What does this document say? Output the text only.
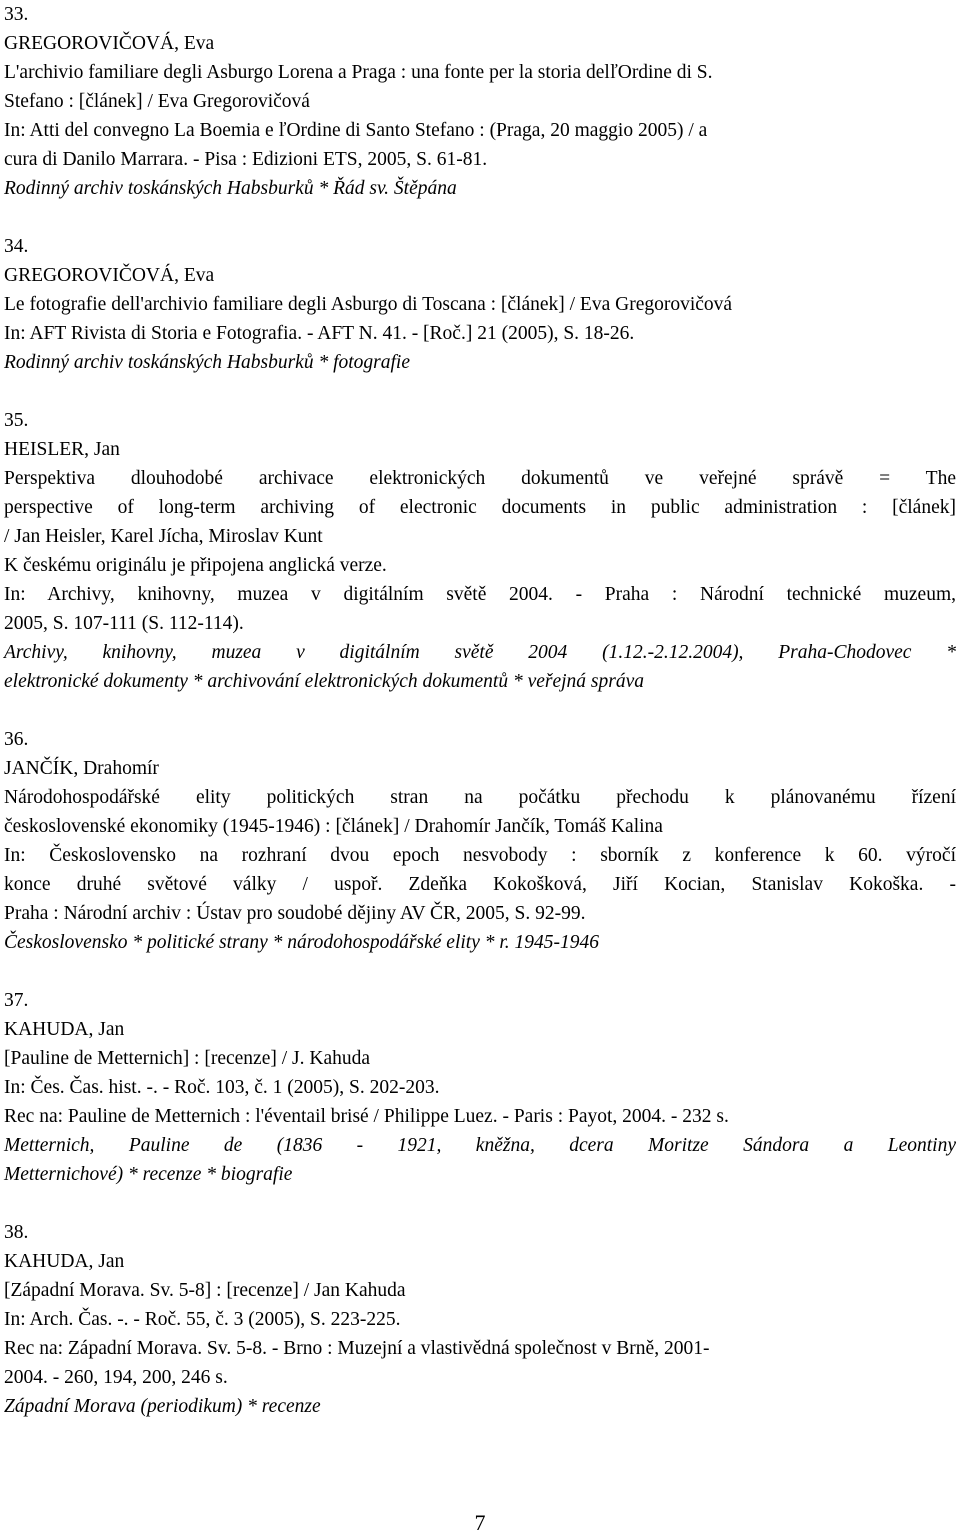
33.
GREGOROVIČOVÁ, Eva
L'archivio familiare degli Asburgo Lorena a Praga : una fonte per la storia delľOrdine di S.
Stefano : [článek] / Eva Gregorovičová
In: Atti del convegno La Boemia e ľOrdine di Santo Stefano : (Praga, 20 maggio 2005) / a
cura di Danilo Marrara. - Pisa : Edizioni ETS, 2005, S. 61-81.
Rodinný archiv toskánských Habsburků * Řád sv. Štěpána
34.
GREGOROVIČOVÁ, Eva
Le fotografie dell'archivio familiare degli Asburgo di Toscana : [článek] / Eva Gregorovičová
In: AFT Rivista di Storia e Fotografia. - AFT N. 41. - [Roč.] 21 (2005), S. 18-26.
Rodinný archiv toskánských Habsburků * fotografie
35.
HEISLER, Jan
Perspektiva dlouhodobé archivace elektronických dokumentů ve veřejné správě = The
perspective of long-term archiving of electronic documents in public administration : [článek]
/ Jan Heisler, Karel Jícha, Miroslav Kunt
K českému originálu je připojena anglická verze.
In: Archivy, knihovny, muzea v digitálním světě 2004. - Praha : Národní technické muzeum,
2005, S. 107-111 (S. 112-114).
Archivy, knihovny, muzea v digitálním světě 2004 (1.12.-2.12.2004), Praha-Chodovec *
elektronické dokumenty * archivování elektronických dokumentů * veřejná správa
36.
JANČÍK, Drahomír
Národohospodářské elity politických stran na počátku přechodu k plánovanému řízení
československé ekonomiky (1945-1946) : [článek] / Drahomír Jančík, Tomáš Kalina
In: Československo na rozhraní dvou epoch nesvobody : sborník z konference k 60. výročí
konce druhé světové války / uspoř. Zdeňka Kokošková, Jiří Kocian, Stanislav Kokoška. -
Praha : Národní archiv : Ústav pro soudobé dějiny AV ČR, 2005, S. 92-99.
Československo * politické strany * národohospodářské elity * r. 1945-1946
37.
KAHUDA, Jan
[Pauline de Metternich] : [recenze] / J. Kahuda
In: Čes. Čas. hist. -. - Roč. 103, č. 1 (2005), S. 202-203.
Rec na: Pauline de Metternich : l'éventail brisé / Philippe Luez. - Paris : Payot, 2004. - 232 s.
Metternich, Pauline de (1836 - 1921, kněžna, dcera Moritze Sándora a Leontiny
Metternichové) * recenze * biografie
38.
KAHUDA, Jan
[Západní Morava. Sv. 5-8] : [recenze] / Jan Kahuda
In: Arch. Čas. -. - Roč. 55, č. 3 (2005), S. 223-225.
Rec na: Západní Morava. Sv. 5-8. - Brno : Muzejní a vlastivědná společnost v Brně, 2001-
2004. - 260, 194, 200, 246 s.
Západní Morava (periodikum) * recenze
7
